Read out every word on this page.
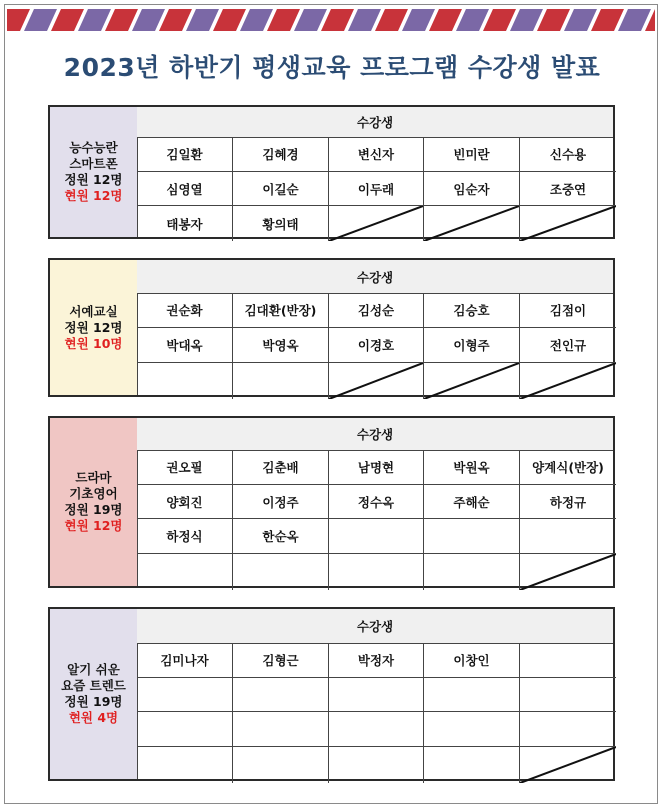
2023년 하반기 평생교육 프로그램 수강생 발표
능수능란
스마트폰
정원 12명
현원 12명
수강생
김일환	김혜경	변신자	빈미란	신수용
심영열	이길순	이두래	임순자	조중연
태봉자	황의태
서예교실
정원 12명
현원 10명
수강생
권순화	김대환(반장)	김성순	김승호	김점이
박대옥	박영옥	이경호	이형주	전인규
드라마
기초영어
정원 19명
현원 12명
수강생
권오필	김춘배	남명현	박원옥	양계식(반장)
양회진	이정주	정수옥	주해순	하정규
하정식	한순옥
알기 쉬운
요즘 트렌드
정원 19명
현원 4명
수강생
김미나자	김형근	박정자	이창인
